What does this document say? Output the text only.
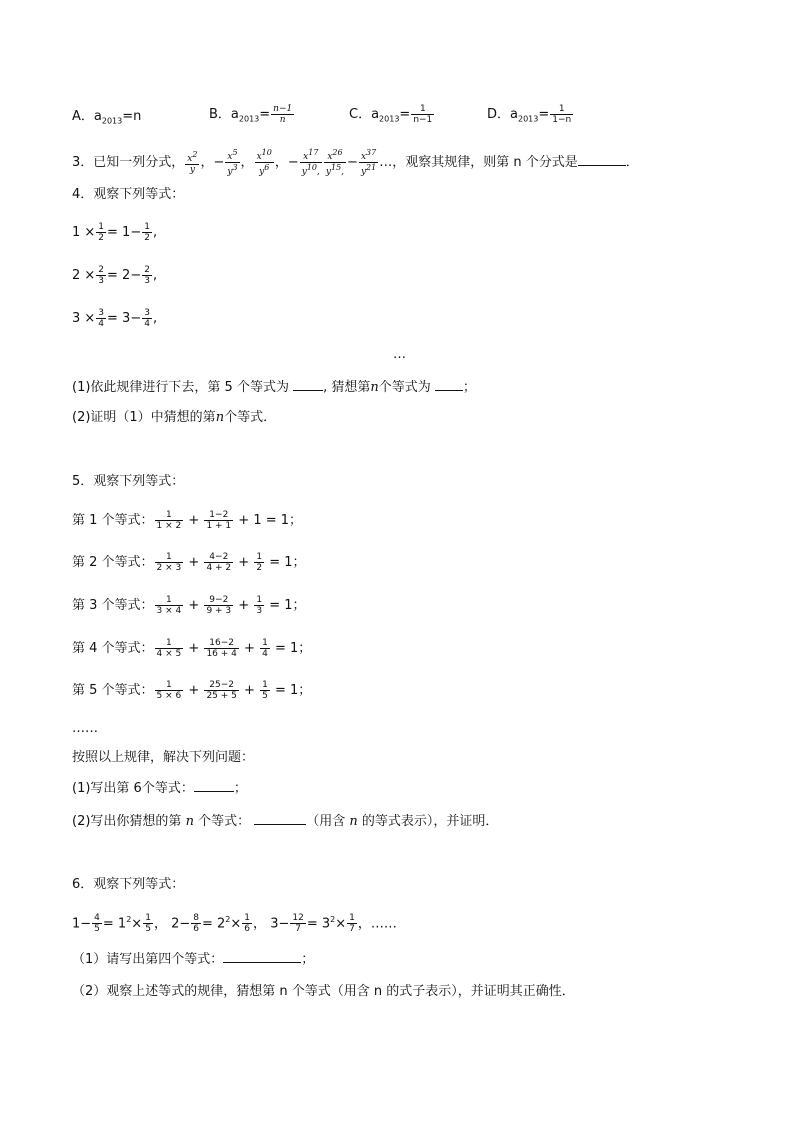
A．$a_{2013}=n$	B．$a_{2013}= \frac{n-1}{n}$	C．$a_{2013}= \frac{1}{n-1}$	D．$a_{2013}= \frac{1}{1-n}$
3．已知一列分式， $\frac{x^2}{y}$ ，− $\frac{x^5}{y^3}$ ， $\frac{x^{10}}{y^6}$ ，− $\frac{x^{17}}{y^{10},} \frac{x^{26}}{y^{15},} - \frac{x^{37}}{y^{21}}$ …，观察其规律，则第 n 个分式是	．
4．观察下列等式：
$1 \times \frac{1}{2} = 1- \frac{1}{2}$ ,
$2 \times \frac{2}{3} = 2- \frac{2}{3}$ ,
$3 \times \frac{3}{4} = 3- \frac{3}{4}$ ,
…
(1)依此规律进行下去，第 5 个等式为	, 猜想第n个等式为 ；
(2)证明（1）中猜想的第n个等式．
5．观察下列等式：
第 1 个等式： $\frac{1}{1 \times 2} + \frac{1-2}{1 + 1} + 1 = 1$；
第 2 个等式： $\frac{1}{2 \times 3} + \frac{4-2}{4 + 2} + \frac{1}{2} = 1$；
第 3 个等式： $\frac{1}{3 \times 4} + \frac{9-2}{9 + 3} + \frac{1}{3} = 1$；
第 4 个等式： $\frac{1}{4 \times 5} + \frac{16-2}{16 + 4} + \frac{1}{4} = 1$；
第 5 个等式： $\frac{1}{5 \times 6} + \frac{25-2}{25 + 5} + \frac{1}{5} = 1$；
……
按照以上规律，解决下列问题：
(1)写出第 6个等式：	；
(2)写出你猜想的第 n 个等式：	（用含 n 的等式表示），并证明．
6．观察下列等式：
$1- \frac{4}{5} = 1^2\times \frac{1}{5}$ ， $2- \frac{8}{6} = 2^2\times \frac{1}{6}$ ， $3- \frac{12}{7} = 3^2\times \frac{1}{7}$ ，……
（1）请写出第四个等式：	；
（2）观察上述等式的规律，猜想第 n 个等式（用含 n 的式子表示），并证明其正确性．
